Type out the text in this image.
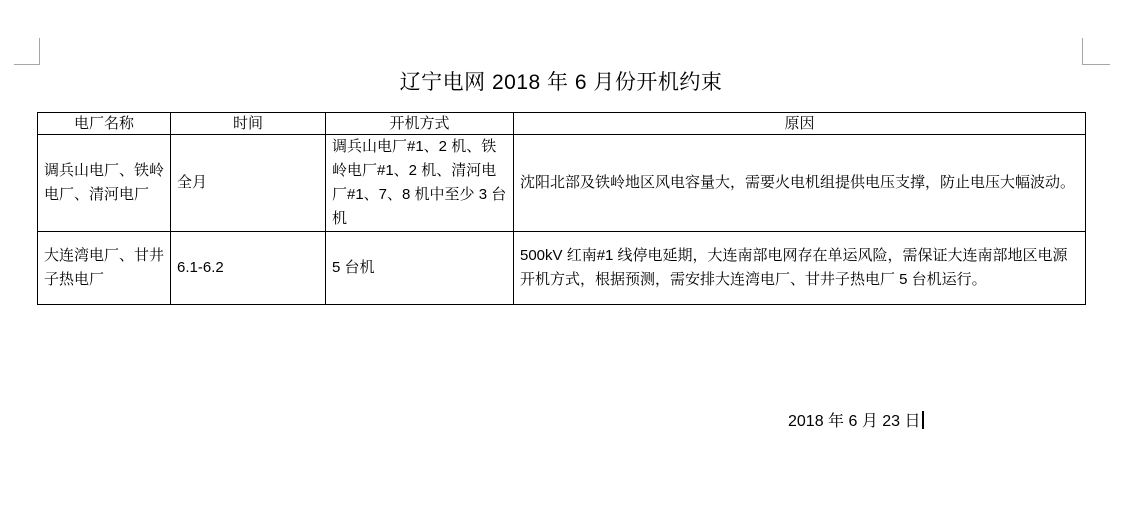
辽宁电网 2018 年 6 月份开机约束
电厂名称	时间	开机方式	原因
调兵山电厂、铁岭电厂、清河电厂	全月	调兵山电厂#1、2 机、铁岭电厂#1、2 机、清河电厂#1、7、8 机中至少 3 台机	沈阳北部及铁岭地区风电容量大，需要火电机组提供电压支撑，防止电压大幅波动。
大连湾电厂、甘井子热电厂	6.1-6.2	5 台机	500kV 红南#1 线停电延期，大连南部电网存在单运风险，需保证大连南部地区电源开机方式，根据预测，需安排大连湾电厂、甘井子热电厂 5 台机运行。
2018 年 6 月 23 日
